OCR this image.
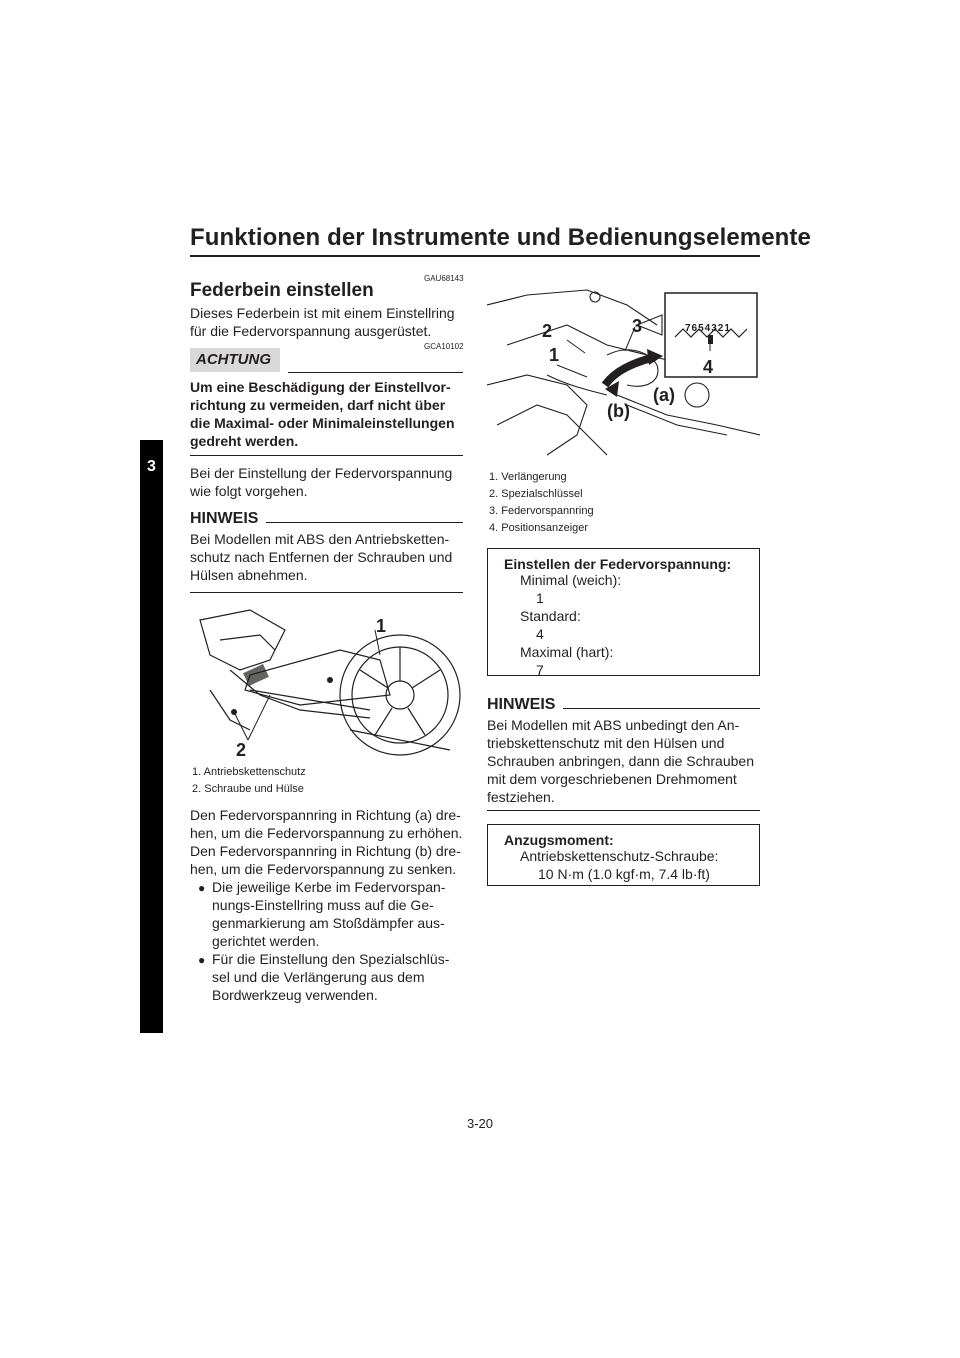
Funktionen der Instrumente und Bedienungselemente
3
GAU68143
Federbein einstellen
Dieses Federbein ist mit einem Einstellring
für die Federvorspannung ausgerüstet.
GCA10102
ACHTUNG
Um eine Beschädigung der Einstellvor-
richtung zu vermeiden, darf nicht über
die Maximal- oder Minimaleinstellungen
gedreht werden.
Bei der Einstellung der Federvorspannung
wie folgt vorgehen.
HINWEIS
Bei Modellen mit ABS den Antriebsketten-
schutz nach Entfernen der Schrauben und
Hülsen abnehmen.
1
2
1. Antriebskettenschutz
2. Schraube und Hülse
Den Federvorspannring in Richtung (a) dre-
hen, um die Federvorspannung zu erhöhen.
Den Federvorspannring in Richtung (b) dre-
hen, um die Federvorspannung zu senken.
● Die jeweilige Kerbe im Federvorspan-
nungs-Einstellring muss auf die Ge-
genmarkierung am Stoßdämpfer aus-
gerichtet werden.
● Für die Einstellung den Spezialschlüs-
sel und die Verlängerung aus dem
Bordwerkzeug verwenden.
7654321
4
2	3
1
(a)
(b)
1. Verlängerung
2. Spezialschlüssel
3. Federvorspannring
4. Positionsanzeiger
Einstellen der Federvorspannung:
Minimal (weich):
1
Standard:
4
Maximal (hart):
7
HINWEIS
Bei Modellen mit ABS unbedingt den An-
triebskettenschutz mit den Hülsen und
Schrauben anbringen, dann die Schrauben
mit dem vorgeschriebenen Drehmoment
festziehen.
Anzugsmoment:
Antriebskettenschutz-Schraube:
10 N·m (1.0 kgf·m, 7.4 lb·ft)
3-20
